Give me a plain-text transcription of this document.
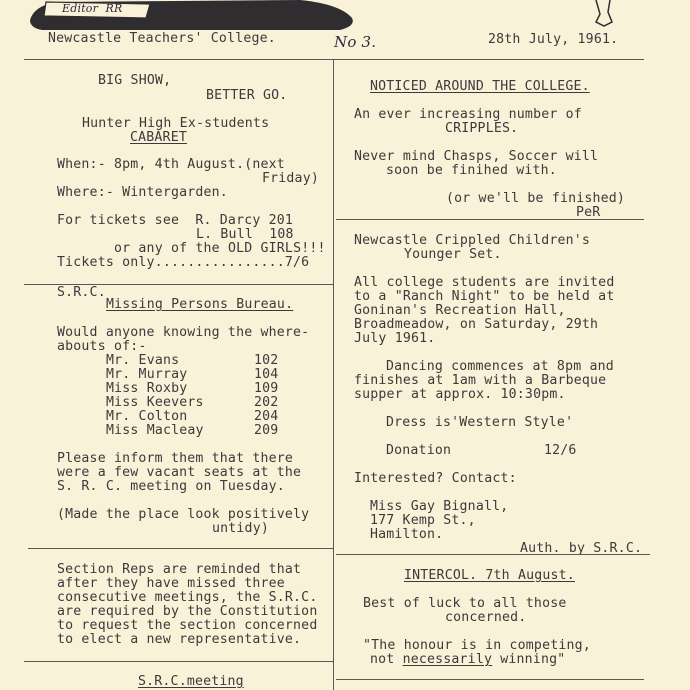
Editor  RR
Newcastle Teachers' College.	No 3.	28th July, 1961.
BIG SHOW,
BETTER GO.
Hunter High Ex-students
CABARET
When:- 8pm, 4th August.(next
Friday)
Where:- Wintergarden.
For tickets see  R. Darcy 201
L. Bull  108
or any of the OLD GIRLS!!!
Tickets only................7/6
S.R.C.
Missing Persons Bureau.
Would anyone knowing the where-
abouts of:-
Mr. Evans	102
Mr. Murray	104
Miss Roxby	109
Miss Keevers	202
Mr. Colton	204
Miss Macleay	209
Please inform them that there
were a few vacant seats at the
S. R. C. meeting on Tuesday.
(Made the place look positively
untidy)
Section Reps are reminded that
after they have missed three
consecutive meetings, the S.R.C.
are required by the Constitution
to request the section concerned
to elect a new representative.
S.R.C.meeting
NOTICED AROUND THE COLLEGE.
An ever increasing number of
CRIPPLES.
Never mind Chasps, Soccer will
soon be finihed with.
(or we'll be finished)
PeR
Newcastle Crippled Children's
Younger Set.
All college students are invited
to a "Ranch Night" to be held at
Goninan's Recreation Hall,
Broadmeadow, on Saturday, 29th
July 1961.
Dancing commences at 8pm and
finishes at 1am with a Barbeque
supper at approx. 10:30pm.
Dress is'Western Style'
Donation	12/6
Interested? Contact:
Miss Gay Bignall,
177 Kemp St.,
Hamilton.
Auth. by S.R.C.
INTERCOL. 7th August.
Best of luck to all those
concerned.
"The honour is in competing,
not necessarily winning"
